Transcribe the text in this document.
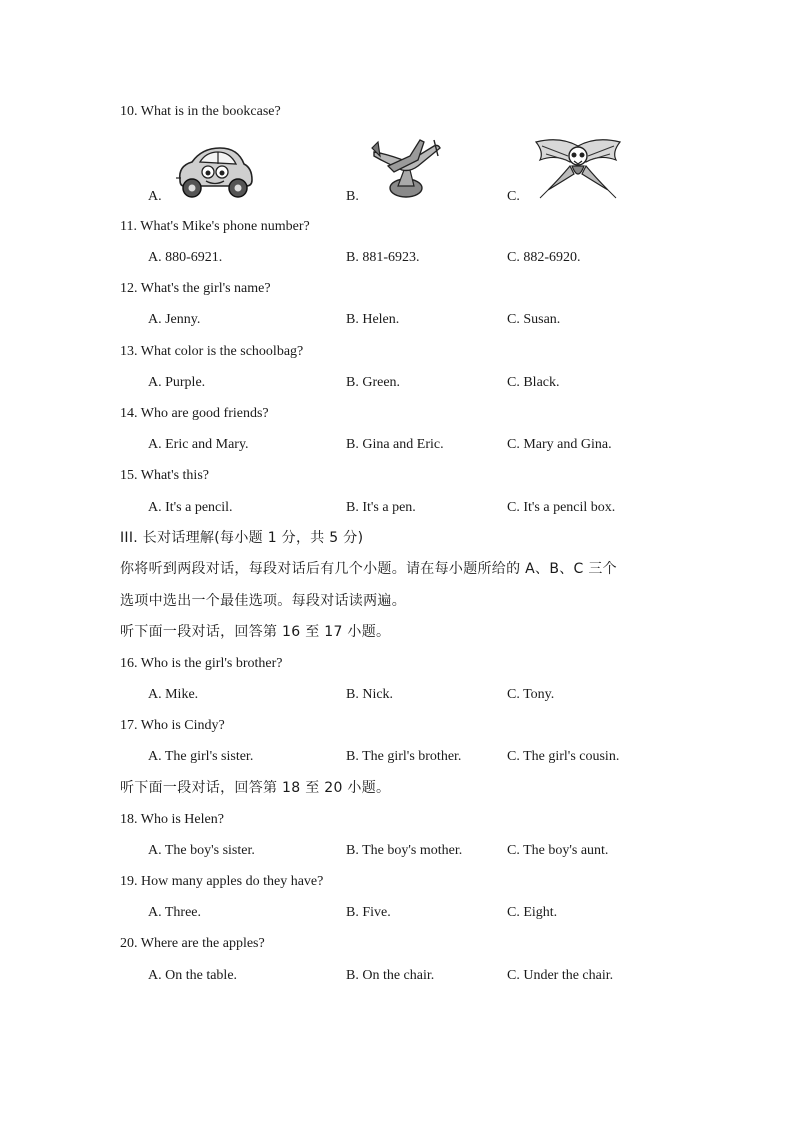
10. What is in the bookcase?
A.	B.	C.
11. What's Mike's phone number?
A. 880-6921.	B. 881-6923.	C. 882-6920.
12. What's the girl's name?
A. Jenny.	B. Helen.	C. Susan.
13. What color is the schoolbag?
A. Purple.	B. Green.	C. Black.
14. Who are good friends?
A. Eric and Mary.	B. Gina and Eric.	C. Mary and Gina.
15. What's this?
A. It's a pencil.	B. It's a pen.	C. It's a pencil box.
III. 长对话理解(每小题 1 分，共 5 分)
你将听到两段对话，每段对话后有几个小题。请在每小题所给的 A、B、C 三个
选项中选出一个最佳选项。每段对话读两遍。
听下面一段对话，回答第 16 至 17 小题。
16. Who is the girl's brother?
A. Mike.	B. Nick.	C. Tony.
17. Who is Cindy?
A. The girl's sister.	B. The girl's brother.	C. The girl's cousin.
听下面一段对话，回答第 18 至 20 小题。
18. Who is Helen?
A. The boy's sister.	B. The boy's mother.	C. The boy's aunt.
19. How many apples do they have?
A. Three.	B. Five.	C. Eight.
20. Where are the apples?
A. On the table.	B. On the chair.	C. Under the chair.
